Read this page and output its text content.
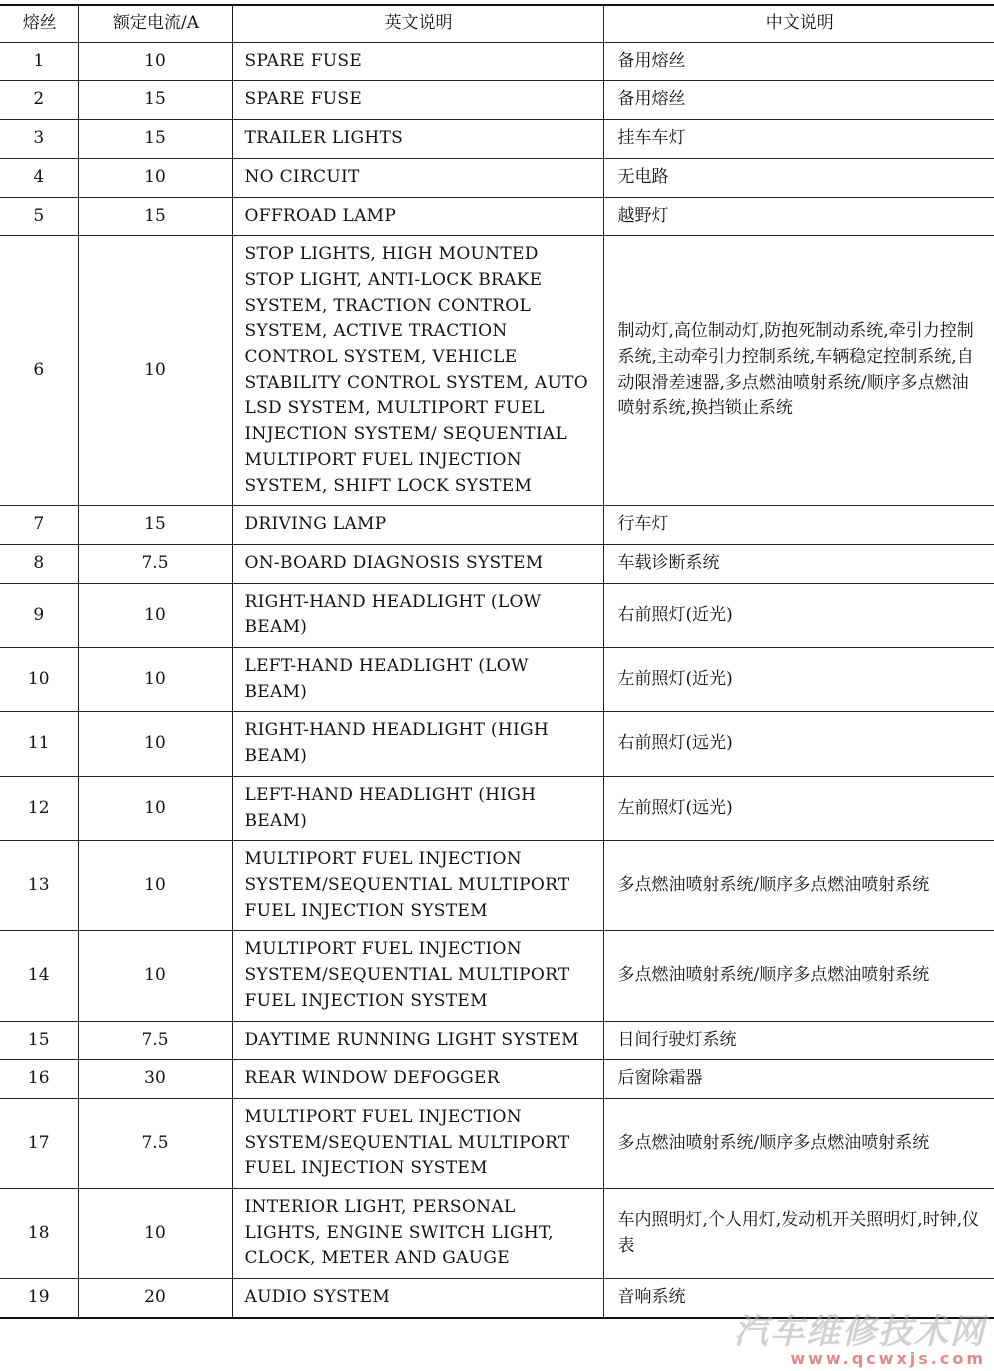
熔丝	额定电流/A	英文说明	中文说明
1	10	SPARE FUSE	备用熔丝
2	15	SPARE FUSE	备用熔丝
3	15	TRAILER LIGHTS	挂车车灯
4	10	NO CIRCUIT	无电路
5	15	OFFROAD LAMP	越野灯
6	10	STOP LIGHTS, HIGH MOUNTED STOP LIGHT, ANTI-LOCK BRAKE SYSTEM, TRACTION CONTROL SYSTEM, ACTIVE TRACTION CONTROL SYSTEM, VEHICLE STABILITY CONTROL SYSTEM, AUTO LSD SYSTEM, MULTIPORT FUEL INJECTION SYSTEM/ SEQUENTIAL MULTIPORT FUEL INJECTION SYSTEM, SHIFT LOCK SYSTEM	制动灯,高位制动灯,防抱死制动系统,牵引力控制系统,主动牵引力控制系统,车辆稳定控制系统,自动限滑差速器,多点燃油喷射系统/顺序多点燃油喷射系统,换挡锁止系统
7	15	DRIVING LAMP	行车灯
8	7.5	ON-BOARD DIAGNOSIS SYSTEM	车载诊断系统
9	10	RIGHT-HAND HEADLIGHT (LOW BEAM)	右前照灯(近光)
10	10	LEFT-HAND HEADLIGHT (LOW BEAM)	左前照灯(近光)
11	10	RIGHT-HAND HEADLIGHT (HIGH BEAM)	右前照灯(远光)
12	10	LEFT-HAND HEADLIGHT (HIGH BEAM)	左前照灯(远光)
13	10	MULTIPORT FUEL INJECTION SYSTEM/SEQUENTIAL MULTIPORT FUEL INJECTION SYSTEM	多点燃油喷射系统/顺序多点燃油喷射系统
14	10	MULTIPORT FUEL INJECTION SYSTEM/SEQUENTIAL MULTIPORT FUEL INJECTION SYSTEM	多点燃油喷射系统/顺序多点燃油喷射系统
15	7.5	DAYTIME RUNNING LIGHT SYSTEM	日间行驶灯系统
16	30	REAR WINDOW DEFOGGER	后窗除霜器
17	7.5	MULTIPORT FUEL INJECTION SYSTEM/SEQUENTIAL MULTIPORT FUEL INJECTION SYSTEM	多点燃油喷射系统/顺序多点燃油喷射系统
18	10	INTERIOR LIGHT, PERSONAL LIGHTS, ENGINE SWITCH LIGHT, CLOCK, METER AND GAUGE	车内照明灯,个人用灯,发动机开关照明灯,时钟,仪表
19	20	AUDIO SYSTEM	音响系统
汽车维修技术网
www.qcwxjs.com
